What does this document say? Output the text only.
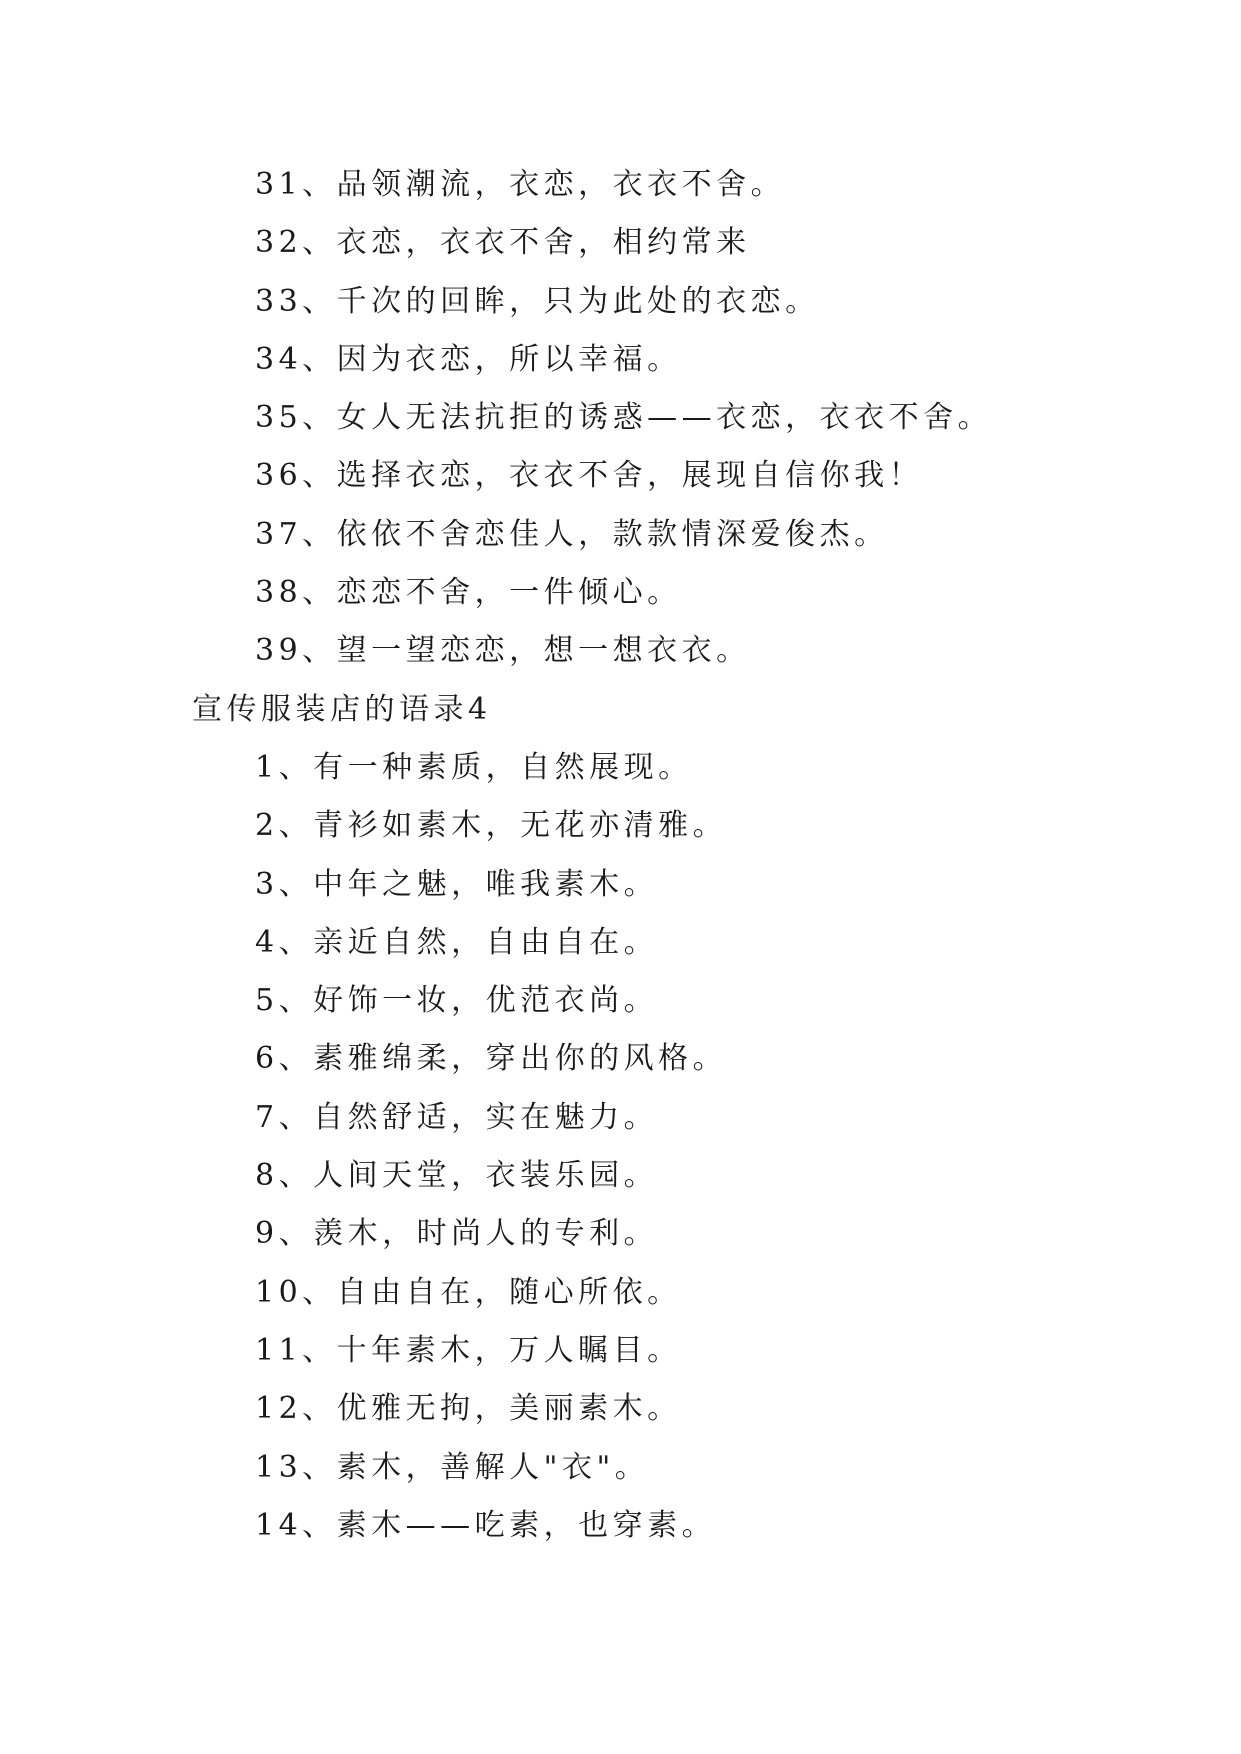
31、品领潮流，衣恋，衣衣不舍。
32、衣恋，衣衣不舍，相约常来
33、千次的回眸，只为此处的衣恋。
34、因为衣恋，所以幸福。
35、女人无法抗拒的诱惑——衣恋，衣衣不舍。
36、选择衣恋，衣衣不舍，展现自信你我！
37、依依不舍恋佳人，款款情深爱俊杰。
38、恋恋不舍，一件倾心。
39、望一望恋恋，想一想衣衣。
宣传服装店的语录4
1、有一种素质，自然展现。
2、青衫如素木，无花亦清雅。
3、中年之魅，唯我素木。
4、亲近自然，自由自在。
5、好饰一妆，优范衣尚。
6、素雅绵柔，穿出你的风格。
7、自然舒适，实在魅力。
8、人间天堂，衣装乐园。
9、羡木，时尚人的专利。
10、自由自在，随心所依。
11、十年素木，万人瞩目。
12、优雅无拘，美丽素木。
13、素木，善解人"衣"。
14、素木——吃素，也穿素。
